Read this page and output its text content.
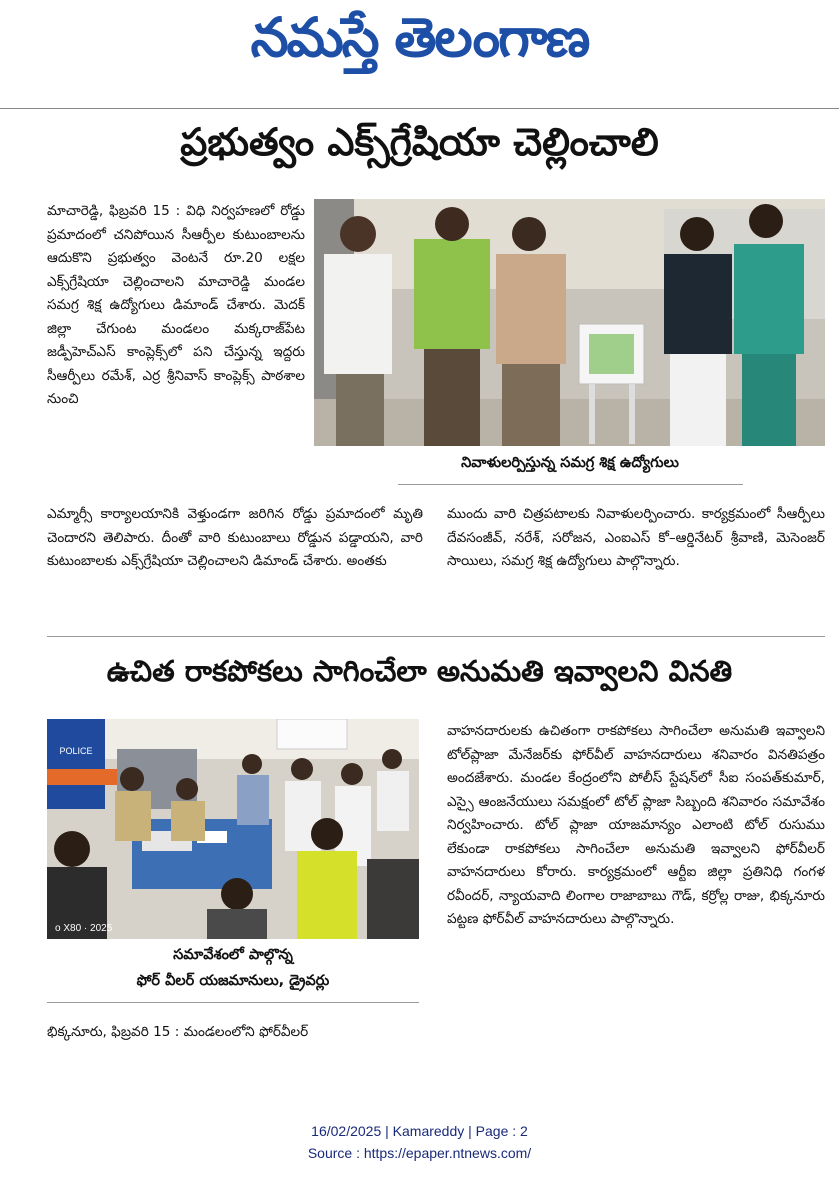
నమస్తే తెలంగాణ
ప్రభుత్వం ఎక్స్‌గ్రేషియా చెల్లించాలి
మాచారెడ్డి, ఫిబ్రవరి 15 : విధి నిర్వహణలో రోడ్డు ప్రమాదంలో చనిపోయిన సీఆర్పీల కుటుంబాలను ఆదుకొని ప్రభుత్వం వెంటనే రూ.20 లక్షల ఎక్స్‌గ్రేషియా చెల్లించాలని మాచారెడ్డి మండల సమగ్ర శిక్ష ఉద్యోగులు డిమాండ్ చేశారు. మెదక్ జిల్లా చేగుంట మండలం మక్కరాజ్‌పేట జడ్పీహెచ్ఎస్ కాంప్లెక్స్‌లో పని చేస్తున్న ఇద్దరు సీఆర్పీలు రమేశ్, ఎర్ర శ్రీనివాస్ కాంప్లెక్స్ పాఠశాల నుంచి
నివాళులర్పిస్తున్న సమగ్ర శిక్ష ఉద్యోగులు
ఎమ్మార్సీ కార్యాలయానికి వెళ్తుండగా జరిగిన రోడ్డు ప్రమాదంలో మృతి చెందారని తెలిపారు. దీంతో వారి కుటుంబాలు రోడ్డున పడ్డాయని, వారి కుటుంబాలకు ఎక్స్‌గ్రేషియా చెల్లించాలని డిమాండ్ చేశారు. అంతకు
ముందు వారి చిత్రపటాలకు నివాళులర్పించారు. కార్యక్రమంలో సీఆర్పీలు దేవసంజీవ్, నరేశ్, సరోజన, ఎంఐఎస్ కో–ఆర్డినేటర్ శ్రీవాణి, మెసెంజర్ సాయిలు, సమగ్ర శిక్ష ఉద్యోగులు పాల్గొన్నారు.
ఉచిత రాకపోకలు సాగించేలా అనుమతి ఇవ్వాలని వినతి
POLICE
o X80 · 2025
సమావేశంలో పాల్గొన్న
ఫోర్ వీలర్ యజమానులు, డ్రైవర్లు
భిక్కనూరు, ఫిబ్రవరి 15 : మండలంలోని ఫోర్‌వీలర్
వాహనదారులకు ఉచితంగా రాకపోకలు సాగించేలా అనుమతి ఇవ్వాలని టోల్‌ప్లాజా మేనేజర్‌కు ఫోర్‌వీల్ వాహనదారులు శనివారం వినతిపత్రం అందజేశారు. మండల కేంద్రంలోని పోలీస్ స్టేషన్‌లో సీఐ సంపత్‌కుమార్, ఎస్సై ఆంజనేయులు సమక్షంలో టోల్ ప్లాజా సిబ్బంది శనివారం సమావేశం నిర్వహించారు. టోల్ ప్లాజా యాజమాన్యం ఎలాంటి టోల్ రుసుము లేకుండా రాకపోకలు సాగించేలా అనుమతి ఇవ్వాలని ఫోర్‌వీలర్ వాహనదారులు కోరారు. కార్యక్రమంలో ఆర్టీఐ జిల్లా ప్రతినిధి గంగళ రవీందర్, న్యాయవాది లింగాల రాజాబాబు గౌడ్, కర్రోల్ల రాజు, భిక్కనూరు పట్టణ ఫోర్‌వీల్ వాహనదారులు పాల్గొన్నారు.
16/02/2025 | Kamareddy | Page : 2
Source : https://epaper.ntnews.com/
